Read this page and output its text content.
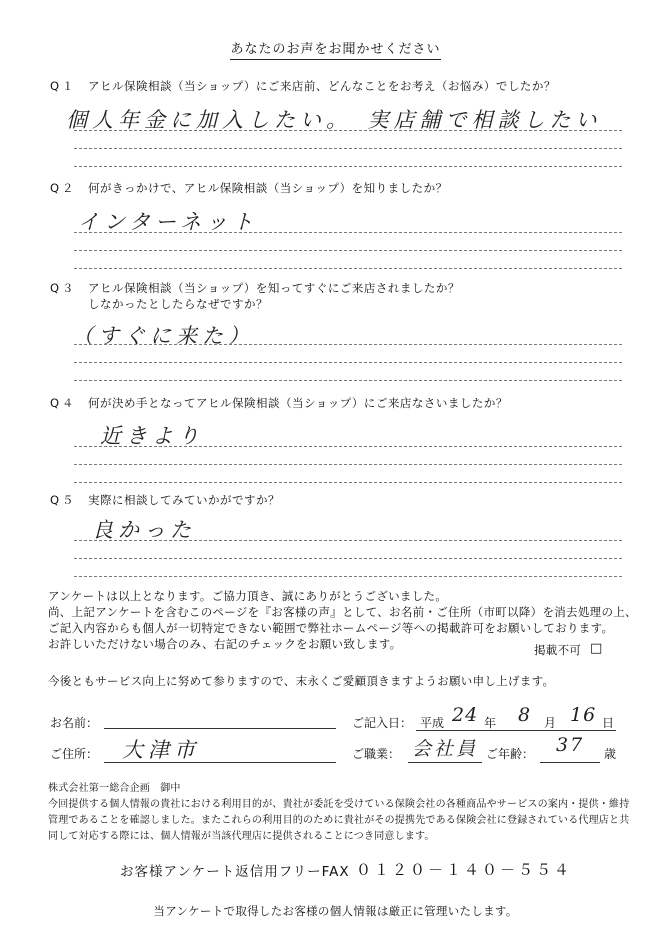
あなたのお声をお聞かせください
Q１ アヒル保険相談（当ショップ）にご来店前、どんなことをお考え（お悩み）でしたか？
個人年金に加入したい。　実店舗で相談したい
Q２ 何がきっかけで、アヒル保険相談（当ショップ）を知りましたか？
インターネット
Q３ アヒル保険相談（当ショップ）を知ってすぐにご来店されましたか？
しなかったとしたらなぜですか？
（すぐに来た）
Q４ 何が決め手となってアヒル保険相談（当ショップ）にご来店なさいましたか？
近きより
Q５ 実際に相談してみていかがですか？
良かった
アンケートは以上となります。ご協力頂き、誠にありがとうございました。
尚、上記アンケートを含むこのページを『お客様の声』として、お名前・ご住所（市町以降）を消去処理の上、
ご記入内容からも個人が一切特定できない範囲で弊社ホームページ等への掲載許可をお願いしております。
お許しいただけない場合のみ、右記のチェックをお願い致します。	掲載不可 □
今後ともサービス向上に努めて参りますので、末永くご愛顧頂きますようお願い申し上げます。
お名前：	ご記入日： 平成 24 年 8 月 16 日
ご住所： 大津市	ご職業： 会社員 ご年齢： 37 歳
株式会社第一総合企画　御中
今回提供する個人情報の貴社における利用目的が、貴社が委託を受けている保険会社の各種商品やサービスの案内・提供・維持
管理であることを確認しました。またこれらの利用目的のために貴社がその提携先である保険会社に登録されている代理店と共
同して対応する際には、個人情報が当該代理店に提供されることにつき同意します。
お客様アンケート返信用フリーFAX ０１２０－１４０－５５４
当アンケートで取得したお客様の個人情報は厳正に管理いたします。
